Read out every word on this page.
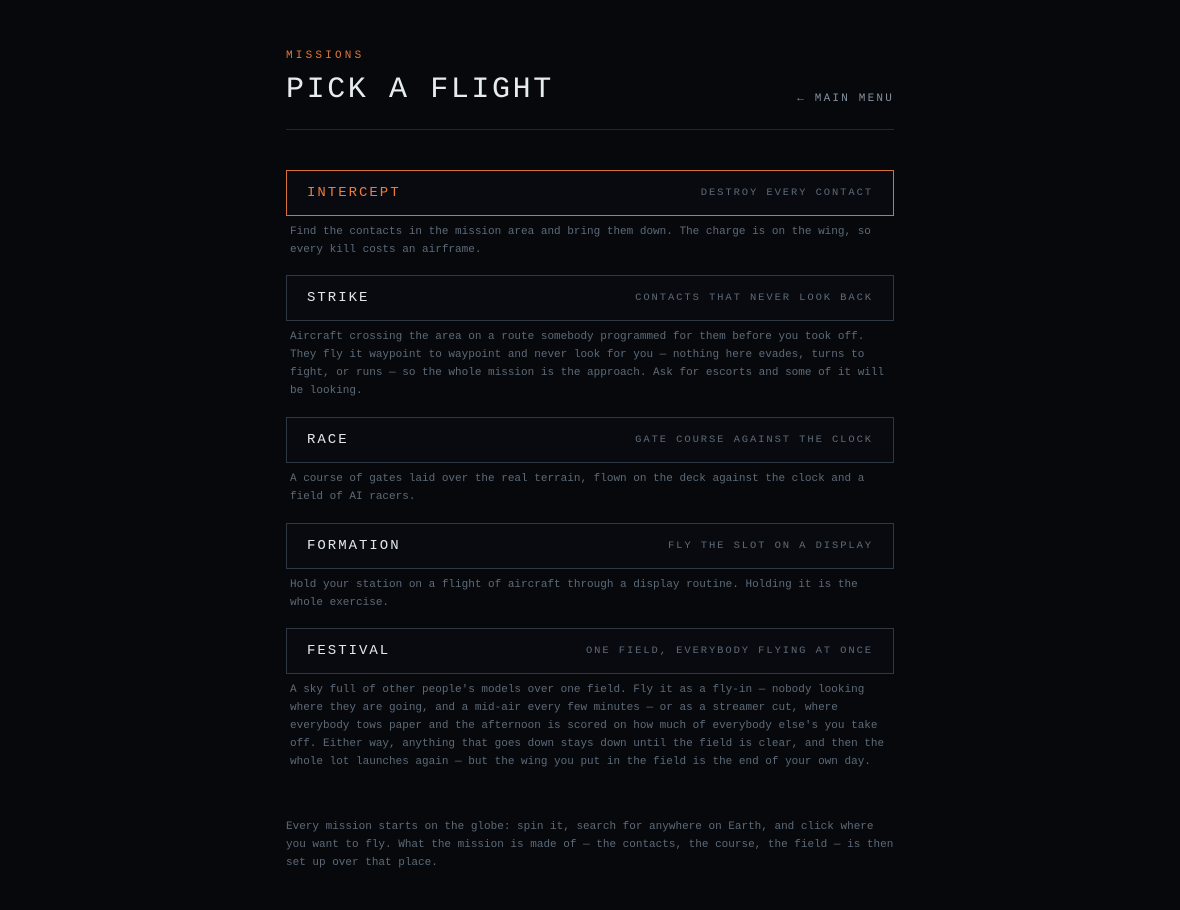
MISSIONS
PICK A FLIGHT	← MAIN MENU
INTERCEPT	DESTROY EVERY CONTACT

Find the contacts in the mission area and bring them down. The charge is on the wing, so every kill costs an airframe.

STRIKE	CONTACTS THAT NEVER LOOK BACK

Aircraft crossing the area on a route somebody programmed for them before you took off. They fly it waypoint to waypoint and never look for you — nothing here evades, turns to fight, or runs — so the whole mission is the approach. Ask for escorts and some of it will be looking.

RACE	GATE COURSE AGAINST THE CLOCK

A course of gates laid over the real terrain, flown on the deck against the clock and a field of AI racers.

FORMATION	FLY THE SLOT ON A DISPLAY

Hold your station on a flight of aircraft through a display routine. Holding it is the whole exercise.

FESTIVAL	ONE FIELD, EVERYBODY FLYING AT ONCE

A sky full of other people's models over one field. Fly it as a fly-in — nobody looking where they are going, and a mid-air every few minutes — or as a streamer cut, where everybody tows paper and the afternoon is scored on how much of everybody else's you take off. Either way, anything that goes down stays down until the field is clear, and then the whole lot launches again — but the wing you put in the field is the end of your own day.

Every mission starts on the globe: spin it, search for anywhere on Earth, and click where you want to fly. What the mission is made of — the contacts, the course, the field — is then set up over that place.
